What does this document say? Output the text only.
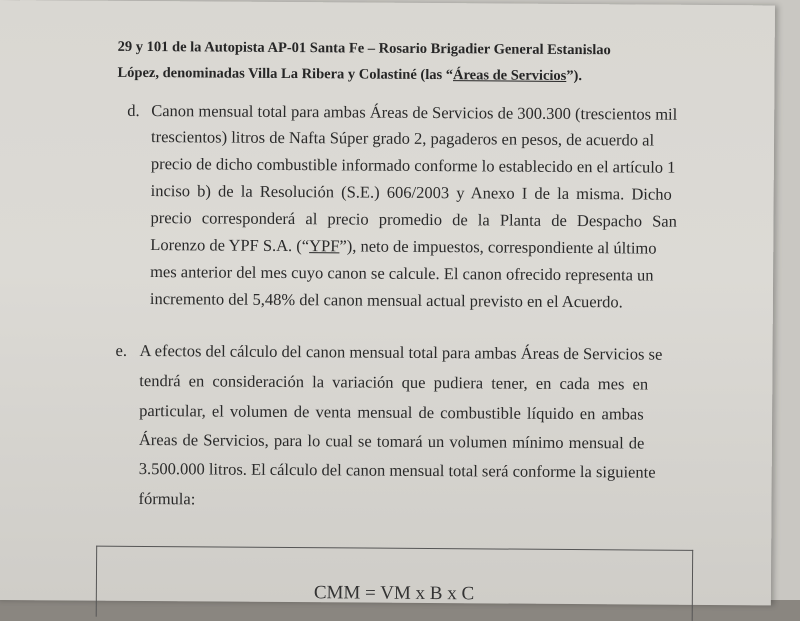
29 y 101 de la Autopista AP-01 Santa Fe – Rosario Brigadier General Estanislao
López, denominadas Villa La Ribera y Colastiné (las “Áreas de Servicios”).
d. Canon mensual total para ambas Áreas de Servicios de 300.300 (trescientos mil
trescientos) litros de Nafta Súper grado 2, pagaderos en pesos, de acuerdo al
precio de dicho combustible informado conforme lo establecido en el artículo 1
inciso b) de la Resolución (S.E.) 606/2003 y Anexo I de la misma. Dicho
precio corresponderá al precio promedio de la Planta de Despacho San
Lorenzo de YPF S.A. (“YPF”), neto de impuestos, correspondiente al último
mes anterior del mes cuyo canon se calcule. El canon ofrecido representa un
incremento del 5,48% del canon mensual actual previsto en el Acuerdo.
e. A efectos del cálculo del canon mensual total para ambas Áreas de Servicios se
tendrá en consideración la variación que pudiera tener, en cada mes en
particular, el volumen de venta mensual de combustible líquido en ambas
Áreas de Servicios, para lo cual se tomará un volumen mínimo mensual de
3.500.000 litros. El cálculo del canon mensual total será conforme la siguiente
fórmula:
CMM = VM x B x C
